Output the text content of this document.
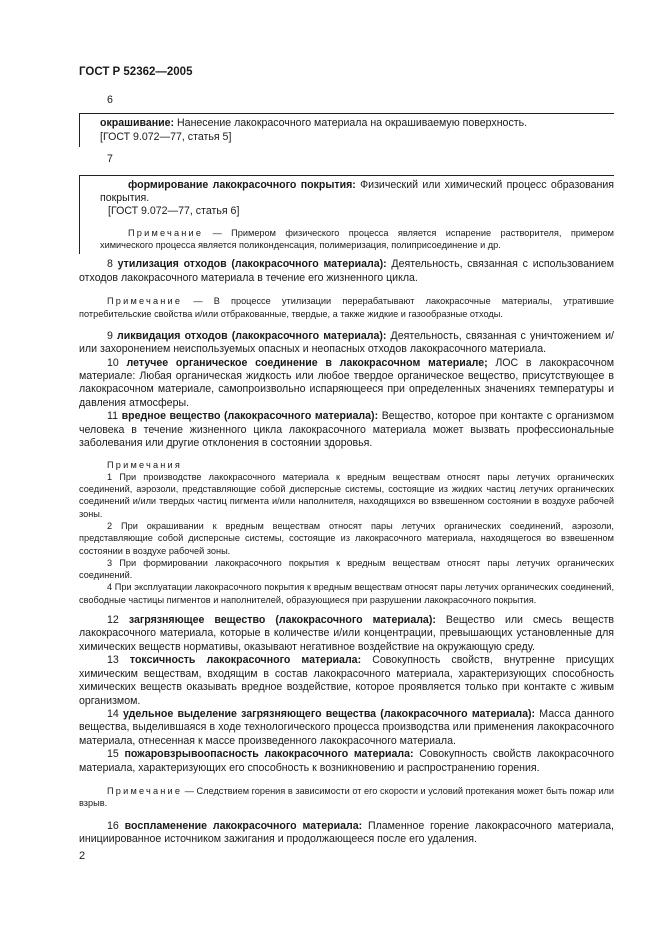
ГОСТ Р 52362—2005

6

окрашивание: Нанесение лакокрасочного материала на окрашиваемую поверхность.

[ГОСТ 9.072—77, статья 5]

7

формирование лакокрасочного покрытия: Физический или химический процесс образования покрытия.

[ГОСТ 9.072—77, статья 6]

Примечание — Примером физического процесса является испарение растворителя, примером химического процесса является поликонденсация, полимеризация, полиприсоединение и др.

8 утилизация отходов (лакокрасочного материала): Деятельность, связанная с использованием отходов лакокрасочного материала в течение его жизненного цикла.

Примечание — В процессе утилизации перерабатывают лакокрасочные материалы, утратившие потребительские свойства и/или отбракованные, твердые, а также жидкие и газообразные отходы.

9 ликвидация отходов (лакокрасочного материала): Деятельность, связанная с уничтожением и/или захоронением неиспользуемых опасных и неопасных отходов лакокрасочного материала.

10 летучее органическое соединение в лакокрасочном материале; ЛОС в лакокрасочном материале: Любая органическая жидкость или любое твердое органическое вещество, присутствующее в лакокрасочном материале, самопроизвольно испаряющееся при определенных значениях температуры и давления атмосферы.

11 вредное вещество (лакокрасочного материала): Вещество, которое при контакте с организмом человека в течение жизненного цикла лакокрасочного материала может вызвать профессиональные заболевания или другие отклонения в состоянии здоровья.

Примечания

1 При производстве лакокрасочного материала к вредным веществам относят пары летучих органических соединений, аэрозоли, представляющие собой дисперсные системы, состоящие из жидких частиц летучих органических соединений и/или твердых частиц пигмента и/или наполнителя, находящихся во взвешенном состоянии в воздухе рабочей зоны.

2 При окрашивании к вредным веществам относят пары летучих органических соединений, аэрозоли, представляющие собой дисперсные системы, состоящие из лакокрасочного материала, находящегося во взвешенном состоянии в воздухе рабочей зоны.

3 При формировании лакокрасочного покрытия к вредным веществам относят пары летучих органических соединений.

4 При эксплуатации лакокрасочного покрытия к вредным веществам относят пары летучих органических соединений, свободные частицы пигментов и наполнителей, образующиеся при разрушении лакокрасочного покрытия.

12 загрязняющее вещество (лакокрасочного материала): Вещество или смесь веществ лакокрасочного материала, которые в количестве и/или концентрации, превышающих установленные для химических веществ нормативы, оказывают негативное воздействие на окружающую среду.

13 токсичность лакокрасочного материала: Совокупность свойств, внутренне присущих химическим веществам, входящим в состав лакокрасочного материала, характеризующих способность химических веществ оказывать вредное воздействие, которое проявляется только при контакте с живым организмом.

14 удельное выделение загрязняющего вещества (лакокрасочного материала): Масса данного вещества, выделившаяся в ходе технологического процесса производства или применения лакокрасочного материала, отнесенная к массе произведенного лакокрасочного материала.

15 пожаровзрывоопасность лакокрасочного материала: Совокупность свойств лакокрасочного материала, характеризующих его способность к возникновению и распространению горения.

Примечание — Следствием горения в зависимости от его скорости и условий протекания может быть пожар или взрыв.

16 воспламенение лакокрасочного материала: Пламенное горение лакокрасочного материала, инициированное источником зажигания и продолжающееся после его удаления.

2
